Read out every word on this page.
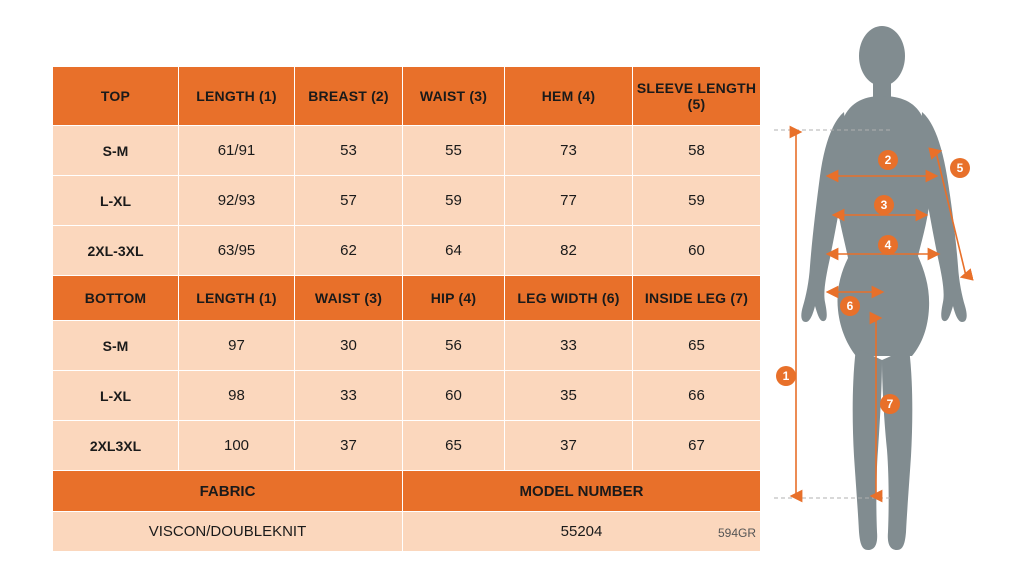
TOP	LENGTH (1)	BREAST (2)	WAIST (3)	HEM (4)	SLEEVE LENGTH (5)
S-M	61/91	53	55	73	58
L-XL	92/93	57	59	77	59
2XL-3XL	63/95	62	64	82	60
BOTTOM	LENGTH (1)	WAIST (3)	HIP (4)	LEG WIDTH (6)	INSIDE LEG (7)
S-M	97	30	56	33	65
L-XL	98	33	60	35	66
2XL3XL	100	37	65	37	67
FABRIC			MODEL NUMBER		
VISCON/DOUBLEKNIT			55204			594GR
1
2
3
4
5
6
7
